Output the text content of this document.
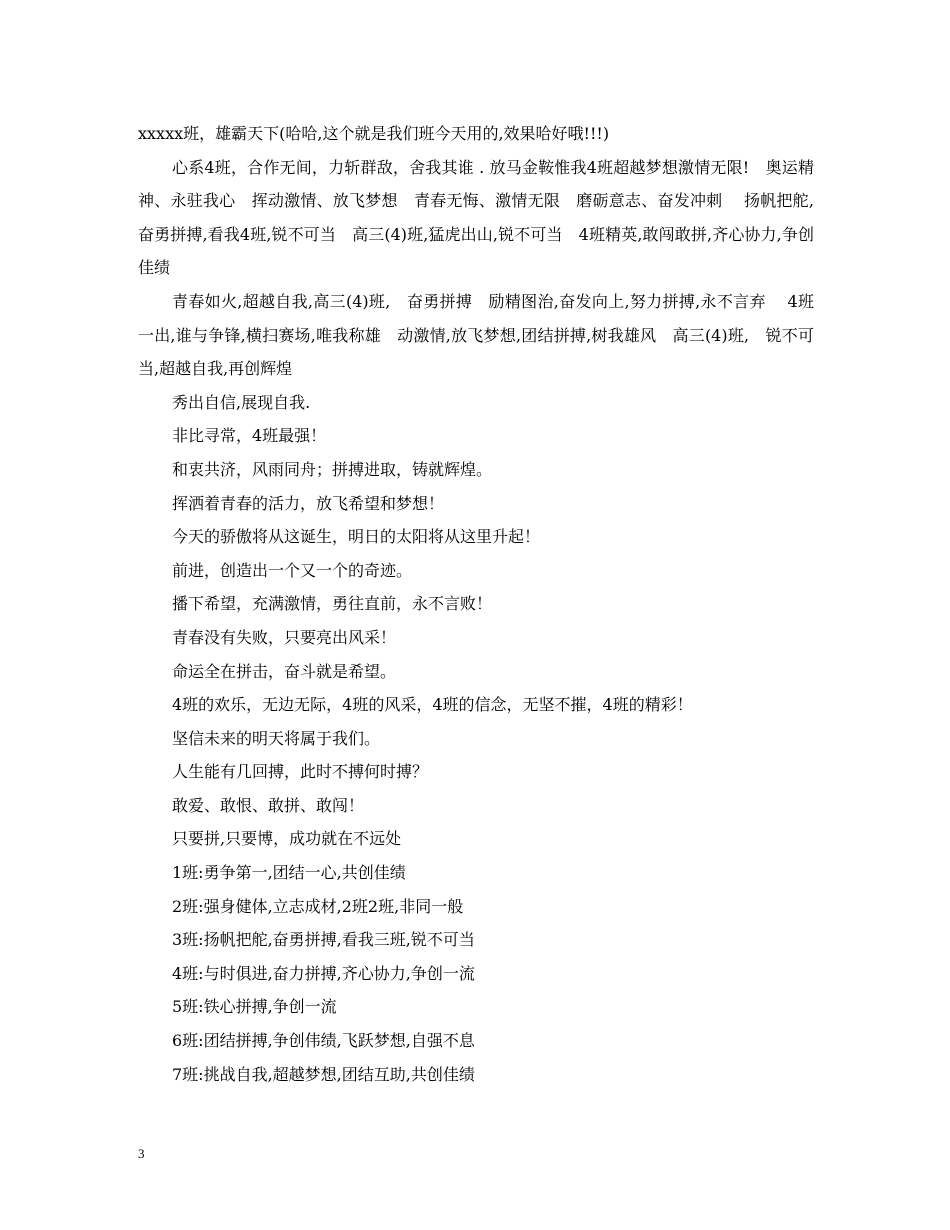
xxxxx班，雄霸天下(哈哈,这个就是我们班今天用的,效果哈好哦!!!)

心系4班，合作无间，力斩群敌，舍我其谁 . 放马金鞍惟我4班超越梦想激情无限!　奥运精神、永驻我心　挥动激情、放飞梦想　青春无悔、激情无限　磨砺意志、奋发冲刺　 扬帆把舵,奋勇拼搏,看我4班,锐不可当　高三(4)班,猛虎出山,锐不可当　4班精英,敢闯敢拼,齐心协力,争创佳绩

青春如火,超越自我,高三(4)班,　奋勇拼搏　励精图治,奋发向上,努力拼搏,永不言弃　 4班一出,谁与争锋,横扫赛场,唯我称雄　动激情,放飞梦想,团结拼搏,树我雄风　高三(4)班,　锐不可当,超越自我,再创辉煌

秀出自信,展现自我.

非比寻常，4班最强！

和衷共济，风雨同舟；拼搏进取，铸就辉煌。

挥洒着青春的活力，放飞希望和梦想！

今天的骄傲将从这诞生，明日的太阳将从这里升起！

前进，创造出一个又一个的奇迹。

播下希望，充满激情，勇往直前，永不言败！

青春没有失败，只要亮出风采！

命运全在拼击，奋斗就是希望。

4班的欢乐，无边无际，4班的风采，4班的信念，无坚不摧，4班的精彩！

坚信未来的明天将属于我们。

人生能有几回搏，此时不搏何时搏？

敢爱、敢恨、敢拼、敢闯！

只要拼,只要博，成功就在不远处

1班:勇争第一,团结一心,共创佳绩

2班:强身健体,立志成材,2班2班,非同一般

3班:扬帆把舵,奋勇拼搏,看我三班,锐不可当

4班:与时俱进,奋力拼搏,齐心协力,争创一流

5班:铁心拼搏,争创一流

6班:团结拼搏,争创伟绩,飞跃梦想,自强不息

7班:挑战自我,超越梦想,团结互助,共创佳绩

3
